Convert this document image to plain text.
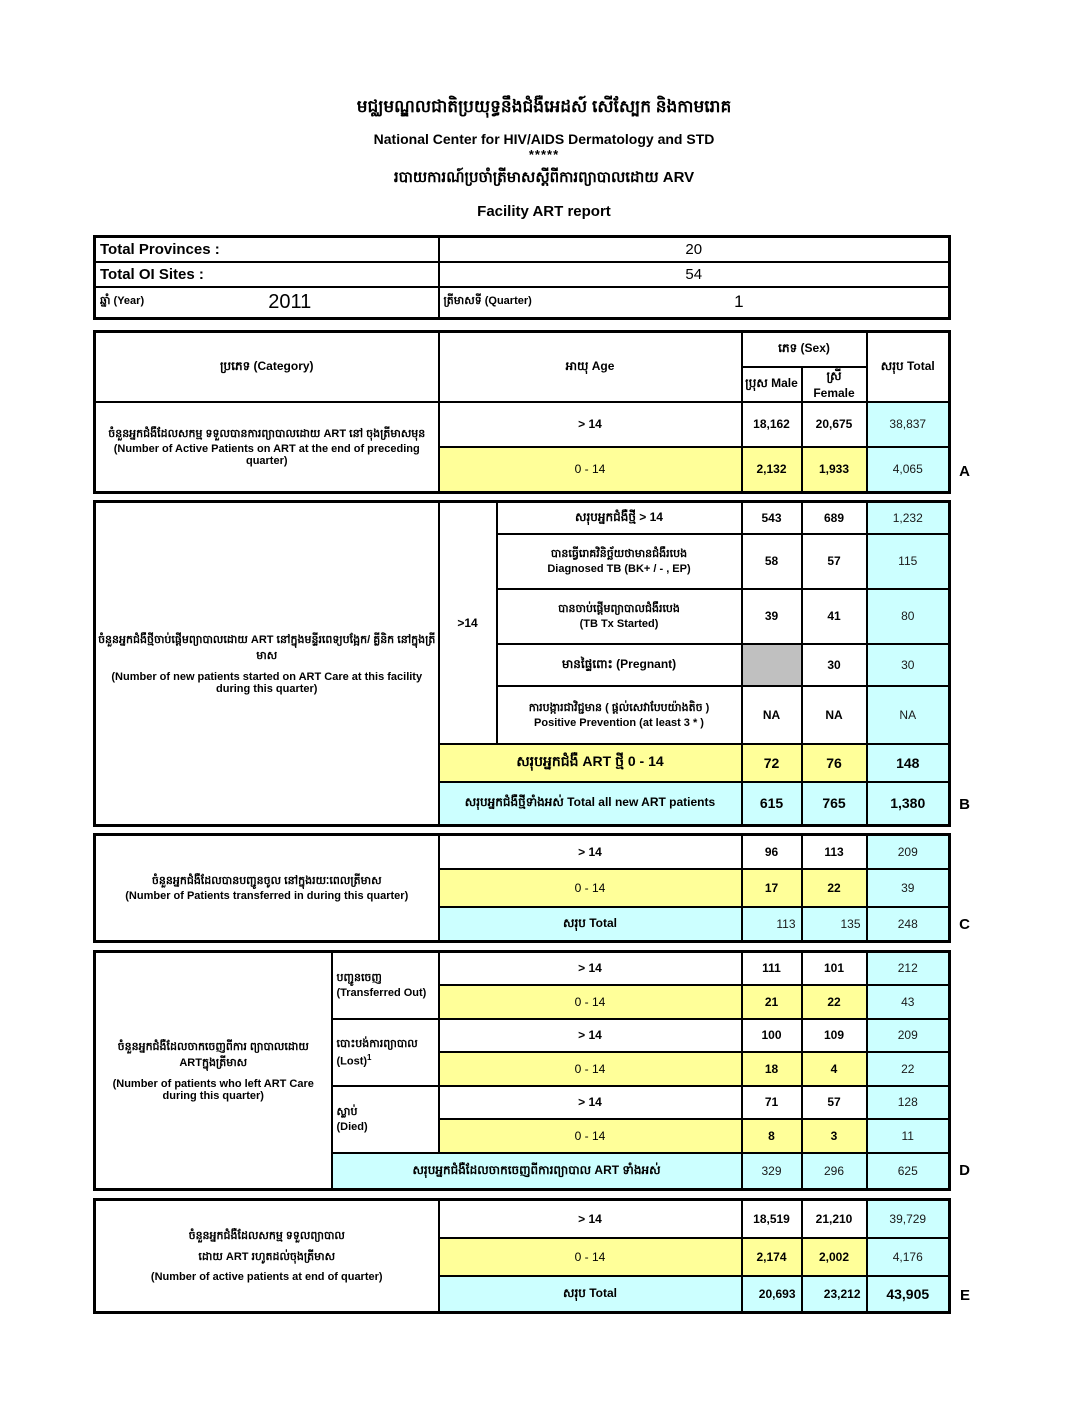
មជ្ឈមណ្ឌលជាតិប្រយុទ្ធនឹងជំងឺអេដស៍ សើស្បែក និងកាមរោគ
National Center for HIV/AIDS Dermatology and STD
*****
របាយការណ៍ប្រចាំត្រីមាសស្តីពីការព្យាបាលដោយ ARV
Facility ART report
Total Provinces :	20
Total OI Sites :	54

ឆ្នាំ (Year) 2011	ត្រីមាសទី (Quarter) 1
ប្រភេទ (Category)	អាយុ Age	ភេទ (Sex)		សរុប Total
		ប្រុស Male	ស្រី Female	

ចំនួនអ្នកជំងឺដែលសកម្ម ទទួលបានការព្យាបាលដោយ ART នៅ ចុងត្រីមាសមុន
(Number of Active Patients on ART at the end of preceding quarter)	> 14	18,162	20,675	38,837
	0 - 14	2,132	1,933	4,065 A
ចំនួនអ្នកជំងឺថ្មីចាប់ផ្តើមព្យាបាលដោយ ART នៅក្នុងមន្ទីរពេទ្យបង្អែក/ គ្លីនិក នៅក្នុងត្រីមាស
(Number of new patients started on ART Care at this facility during this quarter)	>14	សរុបអ្នកជំងឺថ្មី > 14	543	689	1,232

		បានធ្វើរោគវិនិច្ឆ័យថាមានជំងឺរបេង
Diagnosed TB (BK+ / - , EP)	58	57	115

		បានចាប់ផ្តើមព្យាបាលជំងឺរបេង
(TB Tx Started)	39	41	80
		មានផ្ទៃពោះ (Pregnant)		30	30

		ការបង្ការជាវិជ្ជមាន ( ផ្តល់សេវាបែបយ៉ាងតិច )
Positive Prevention (at least 3 * )	NA	NA	NA
	សរុបអ្នកជំងឺ ART ថ្មី 0 - 14		72	76	148
	សរុបអ្នកជំងឺថ្មីទាំងអស់ Total all new ART patients		615	765	1,380 B
ចំនួនអ្នកជំងឺដែលបានបញ្ជូនចូល នៅក្នុងរយៈពេលត្រីមាស
(Number of Patients transferred in during this quarter)	> 14	96	113	209
	0 - 14	17	22	39
	សរុប Total	113	135	248	C
ចំនួនអ្នកជំងឺដែលចាកចេញពីការ ព្យាបាលដោយ ARTក្នុងត្រីមាស
(Number of patients who left ART Care during this quarter)

បញ្ជូនចេញ
(Transferred Out)
	> 14	111	101	212
		0 - 14	21	22	43

	បោះបង់ការព្យាបាល
(Lost)$^1$	> 14	100	109	209
		0 - 14	18	4	22

	ស្លាប់
(Died)	> 14	71	57	128
		0 - 14	8	3	11
	សរុបអ្នកជំងឺដែលចាកចេញពីការព្យាបាល ART ទាំងអស់		329	296	625	D
ចំនួនអ្នកជំងឺដែលសកម្ម ទទួលព្យាបាល
ដោយ ART រហូតដល់ចុងត្រីមាស
(Number of active patients at end of quarter)	> 14	18,519	21,210	39,729
	0 - 14	2,174	2,002	4,176
	សរុប Total	20,693	23,212	43,905 E
